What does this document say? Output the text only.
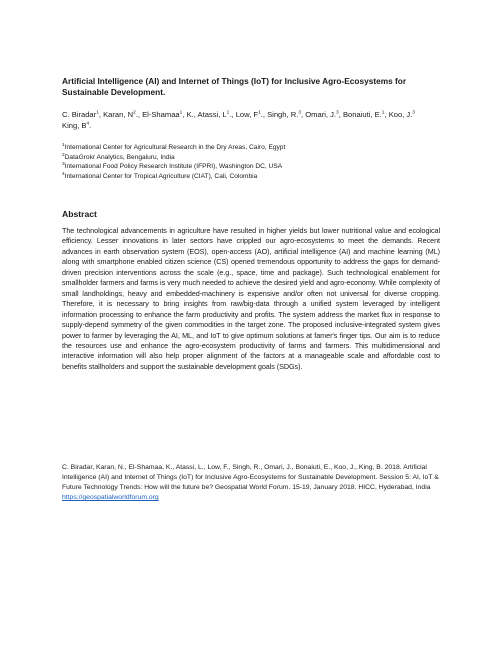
Artificial Intelligence (AI) and Internet of Things (IoT) for Inclusive Agro-Ecosystems for Sustainable Development.
C. Biradar$^1$, Karan, $N^2$., El-Shamaa$^1$, K., Atassi, $L^1$., Low, $F^1$., Singh, R.$^3$, Omari, J.$^3$, Bonaiuti, E.$^1$, Koo, J.$^3$ King, $B^4$.
$^1$International Center for Agricultural Research in the Dry Areas, Cairo, Egypt
$^2$DataGrokr Analytics, Bengaluru, India
$^3$International Food Policy Research Institute (IFPRI), Washington DC, USA
$^4$International Center for Tropical Agriculture (CIAT), Cali, Colombia
Abstract
The technological advancements in agriculture have resulted in higher yields but lower nutritional value and ecological efficiency. Lesser innovations in later sectors have crippled our agro-ecosystems to meet the demands. Recent advances in earth observation system (EOS), open-access (AO), artificial intelligence (AI) and machine learning (ML) along with smartphone enabled citizen science (CS) opened tremendous opportunity to address the gaps for demand-driven precision interventions across the scale (e.g., space, time and package). Such technological enablement for smallholder farmers and farms is very much needed to achieve the desired yield and agro-economy. While complexity of small landholdings, heavy and embedded-machinery is expensive and/or often not universal for diverse cropping. Therefore, it is necessary to bring insights from raw/big-data through a unified system leveraged by intelligent information processing to enhance the farm productivity and profits. The system address the market flux in response to supply-depend symmetry of the given commodities in the target zone. The proposed inclusive-integrated system gives power to farmer by leveraging the AI, ML, and IoT to give optimum solutions at famer's finger tips. Our aim is to reduce the resources use and enhance the agro-ecosystem productivity of farms and farmers. This multidimensional and interactive information will also help proper alignment of the factors at a manageable scale and affordable cost to benefits stallholders and support the sustainable development goals (SDGs).
C. Biradar, Karan, N., El-Shamaa, K., Atassi, L., Low, F., Singh, R., Omari, J., Bonaiuti, E., Koo, J., King, B. 2018. Artificial Intelligence (AI) and Internet of Things (IoT) for Inclusive Agro-Ecosystems for Sustainable Development. Session 5: AI, IoT & Future Technology Trends: How will the future be? Geospatial World Forum. 15-19, January 2018. HICC, Hyderabad, India
https://geospatialworldforum.org
